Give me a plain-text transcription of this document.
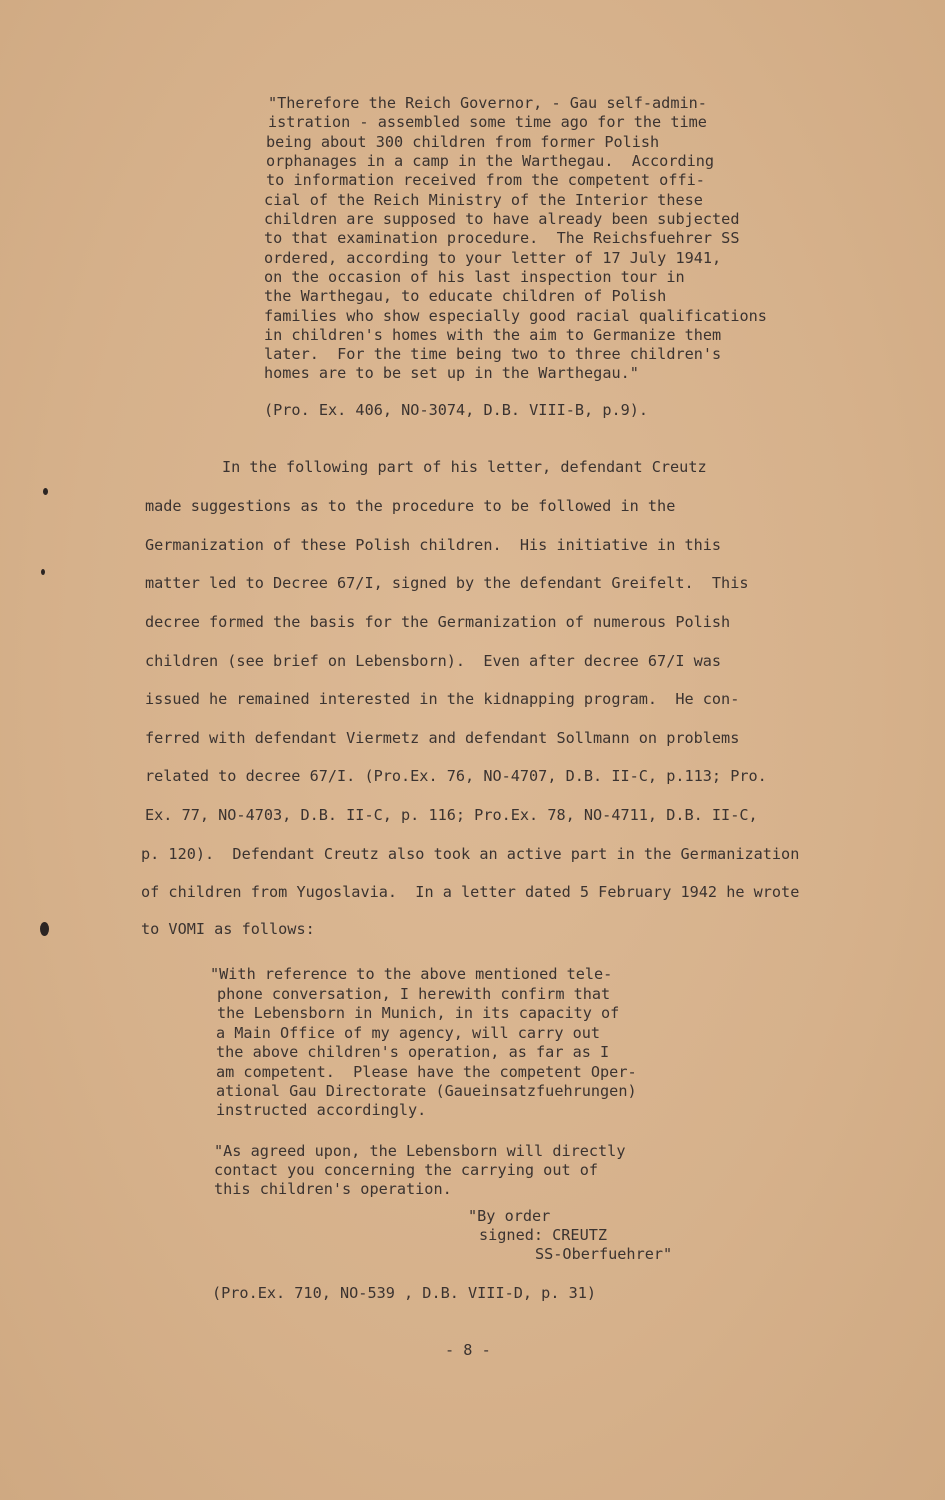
"Therefore the Reich Governor, - Gau self-admin-
istration - assembled some time ago for the time
being about 300 children from former Polish
orphanages in a camp in the Warthegau.  According
to information received from the competent offi-
cial of the Reich Ministry of the Interior these
children are supposed to have already been subjected
to that examination procedure.  The Reichsfuehrer SS
ordered, according to your letter of 17 July 1941,
on the occasion of his last inspection tour in
the Warthegau, to educate children of Polish
families who show especially good racial qualifications
in children's homes with the aim to Germanize them
later.  For the time being two to three children's
homes are to be set up in the Warthegau."
(Pro. Ex. 406, NO-3074, D.B. VIII-B, p.9).
In the following part of his letter, defendant Creutz
made suggestions as to the procedure to be followed in the
Germanization of these Polish children.  His initiative in this
matter led to Decree 67/I, signed by the defendant Greifelt.  This
decree formed the basis for the Germanization of numerous Polish
children (see brief on Lebensborn).  Even after decree 67/I was
issued he remained interested in the kidnapping program.  He con-
ferred with defendant Viermetz and defendant Sollmann on problems
related to decree 67/I. (Pro.Ex. 76, NO-4707, D.B. II-C, p.113; Pro.
Ex. 77, NO-4703, D.B. II-C, p. 116; Pro.Ex. 78, NO-4711, D.B. II-C,
p. 120).  Defendant Creutz also took an active part in the Germanization
of children from Yugoslavia.  In a letter dated 5 February 1942 he wrote
to VOMI as follows:
"With reference to the above mentioned tele-
phone conversation, I herewith confirm that
the Lebensborn in Munich, in its capacity of
a Main Office of my agency, will carry out
the above children's operation, as far as I
am competent.  Please have the competent Oper-
ational Gau Directorate (Gaueinsatzfuehrungen)
instructed accordingly.
"As agreed upon, the Lebensborn will directly
contact you concerning the carrying out of
this children's operation.
"By order
signed: CREUTZ
SS-Oberfuehrer"
(Pro.Ex. 710, NO-539 , D.B. VIII-D, p. 31)
- 8 -
